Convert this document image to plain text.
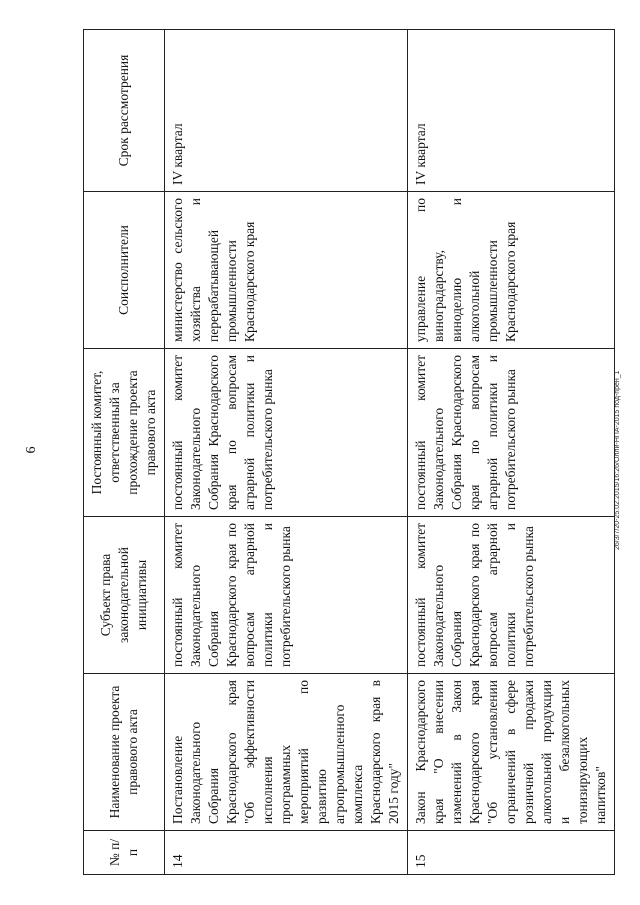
6
№ п/п	Наименование проекта правового акта	Субъект права законодательной инициативы	Постоянный комитет, ответственный за прохождение проекта правового акта	Соисполнители	Срок рассмотрения
14	Постановление Законодательного Собрания Краснодарского края "Об эффективности исполнения программных мероприятий по развитию агропромышленного комплекса Краснодарского края в 2015 году"	постоянный комитет Законодательного Собрания Краснодарского края по вопросам аграрной политики и потребительского рынка	постоянный комитет Законодательного Собрания Краснодарского края по вопросам аграрной политики и потребительского рынка	министерство сельского хозяйства и перерабатывающей промышленности Краснодарского края	IV квартал
15	Закон Краснодарского края "О внесении изменений в Закон Краснодарского края "Об установлении ограничений в сфере розничной продажи алкогольной продукции и безалкогольных тонизирующих напитков"	постоянный комитет Законодательного Собрания Краснодарского края по вопросам аграрной политики и потребительского рынка	постоянный комитет Законодательного Собрания Краснодарского края по вопросам аграрной политики и потребительского рынка	управление по виноградарству, виноделию и алкогольной промышленности Краснодарского края	IV квартал
26/3/7/20-25.02.2015/16:26/Олли-НПА-2015 под-прен_1
